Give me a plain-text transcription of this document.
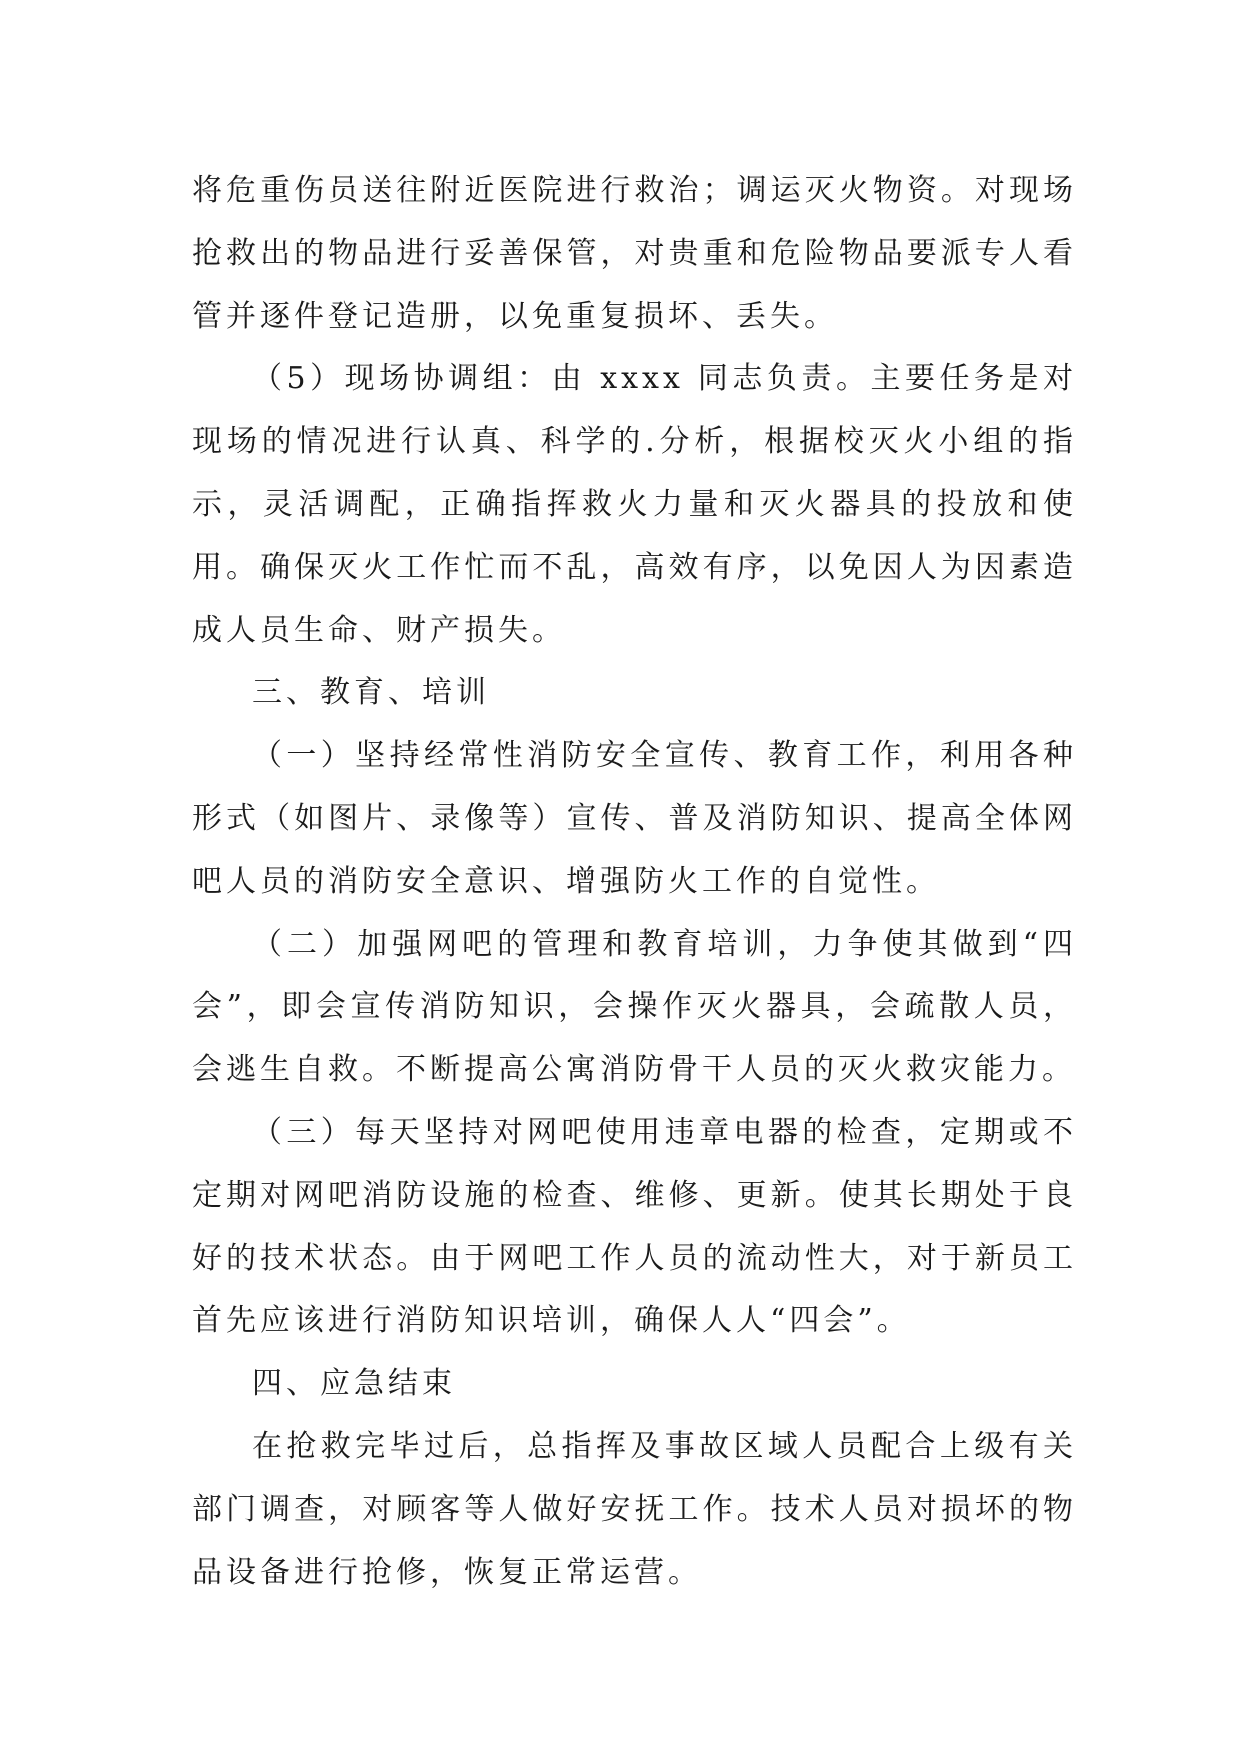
将危重伤员送往附近医院进行救治；调运灭火物资。对现场抢救出的物品进行妥善保管，对贵重和危险物品要派专人看管并逐件登记造册，以免重复损坏、丢失。

（5）现场协调组：由 xxxx 同志负责。主要任务是对现场的情况进行认真、科学的.分析，根据校灭火小组的指示，灵活调配，正确指挥救火力量和灭火器具的投放和使用。确保灭火工作忙而不乱，高效有序，以免因人为因素造成人员生命、财产损失。

三、教育、培训

（一）坚持经常性消防安全宣传、教育工作，利用各种形式（如图片、录像等）宣传、普及消防知识、提高全体网吧人员的消防安全意识、增强防火工作的自觉性。

（二）加强网吧的管理和教育培训，力争使其做到“四会”，即会宣传消防知识，会操作灭火器具，会疏散人员，会逃生自救。不断提高公寓消防骨干人员的灭火救灾能力。

（三）每天坚持对网吧使用违章电器的检查，定期或不定期对网吧消防设施的检查、维修、更新。使其长期处于良好的技术状态。由于网吧工作人员的流动性大，对于新员工首先应该进行消防知识培训，确保人人“四会”。

四、应急结束

在抢救完毕过后，总指挥及事故区域人员配合上级有关部门调查，对顾客等人做好安抚工作。技术人员对损坏的物品设备进行抢修，恢复正常运营。
